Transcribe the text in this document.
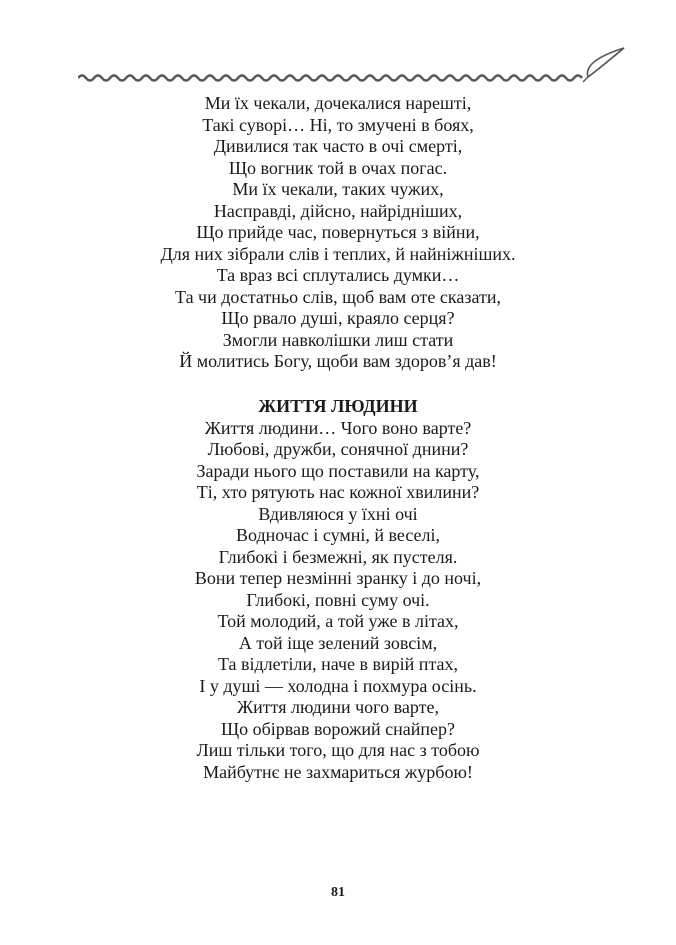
Ми їх чекали, дочекалися нарешті,
Такі суворі… Ні, то змучені в боях,
Дивилися так часто в очі смерті,
Що вогник той в очах погас.
Ми їх чекали, таких чужих,
Насправді, дійсно, найрідніших,
Що прийде час, повернуться з війни,
Для них зібрали слів і теплих, й найніжніших.
Та враз всі сплутались думки…
Та чи достатньо слів, щоб вам оте сказати,
Що рвало душі, краяло серця?
Змогли навколішки лиш стати
Й молитись Богу, щоби вам здоров’я дав!
ЖИТТЯ ЛЮДИНИ
Життя людини… Чого воно варте?
Любові, дружби, сонячної днини?
Заради нього що поставили на карту,
Ті, хто рятують нас кожної хвилини?
Вдивляюся у їхні очі
Водночас і сумні, й веселі,
Глибокі і безмежні, як пустеля.
Вони тепер незмінні зранку і до ночі,
Глибокі, повні суму очі.
Той молодий, а той уже в літах,
А той іще зелений зовсім,
Та відлетіли, наче в вирій птах,
І у душі — холодна і похмура осінь.
Життя людини чого варте,
Що обірвав ворожий снайпер?
Лиш тільки того, що для нас з тобою
Майбутнє не захмариться журбою!
81
